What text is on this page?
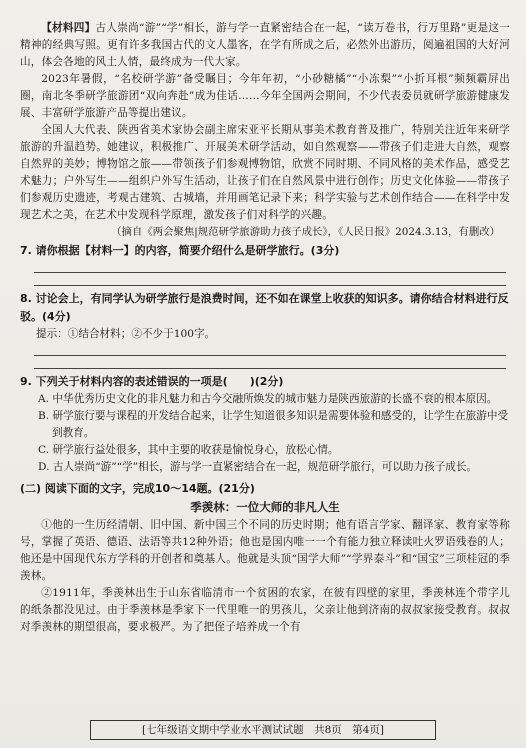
【材料四】古人崇尚“游”“学”相长，游与学一直紧密结合在一起，“读万卷书，行万里路”更是这一精神的经典写照。更有许多我国古代的文人墨客，在学有所成之后，必然外出游历，阅遍祖国的大好河山，体会各地的风土人情，最终成为一代大家。

2023年暑假，“名校研学游”备受瞩目；今年年初，“小砂糖橘”“小冻梨”“小折耳根”频频霸屏出圈，南北冬季研学旅游团“双向奔赴”成为佳话……今年全国两会期间，不少代表委员就研学旅游健康发展、丰富研学旅游产品等提出建议。

全国人大代表、陕西省美术家协会副主席宋亚平长期从事美术教育普及推广，特别关注近年来研学旅游的升温趋势。她建议，积极推广、开展美术研学活动，如自然观察——带孩子们走进大自然，观察自然界的美妙；博物馆之旅——带领孩子们参观博物馆，欣赏不同时期、不同风格的美术作品，感受艺术魅力；户外写生——组织户外写生活动，让孩子们在自然风景中进行创作；历史文化体验——带孩子们参观历史遗迹，考观古建筑、古城墙，并用画笔记录下来；科学实验与艺术创作结合——在科学中发现艺术之美，在艺术中发现科学原理，激发孩子们对科学的兴趣。

（摘自《两会聚焦|规范研学旅游助力孩子成长》，《人民日报》2024.3.13，有删改）

7. 请你根据【材料一】的内容，简要介绍什么是研学旅行。(3分)

8. 讨论会上，有同学认为研学旅行是浪费时间，还不如在课堂上收获的知识多。请你结合材料进行反驳。(4分)

提示：①结合材料；②不少于100字。

9. 下列关于材料内容的表述错误的一项是(　　)(2分)

A. 中华优秀历史文化的非凡魅力和古今交融所焕发的城市魅力是陕西旅游的长盛不衰的根本原因。

B. 研学旅行要与课程的开发结合起来，让学生知道很多知识是需要体验和感受的，让学生在旅游中受到教育。

C. 研学旅行益处很多，其中主要的收获是愉悦身心，放松心情。

D. 古人崇尚“游”“学”相长，游与学一直紧密结合在一起，规范研学旅行，可以助力孩子成长。

(二) 阅读下面的文字，完成10～14题。(21分)

季羡林：一位大师的非凡人生

①他的一生历经清朝、旧中国、新中国三个不同的历史时期；他有语言学家、翻译家、教育家等称号，掌握了英语、德语、法语等共12种外语；他也是国内唯一一个有能力独立释读吐火罗语残卷的人；他还是中国现代东方学科的开创者和奠基人。他就是头顶“国学大师”“学界泰斗”和“国宝”三项桂冠的季羡林。

②1911年，季羡林出生于山东省临清市一个贫困的农家，在彼有四壁的家里，季羡林连个带字儿的纸条都没见过。由于季羡林是季家下一代里唯一的男孩儿，父亲让他到济南的叔叔家接受教育。叔叔对季羡林的期望很高，要求极严。为了把侄子培养成一个有

[七年级语文期中学业水平测试试题　共8页　第4页]
